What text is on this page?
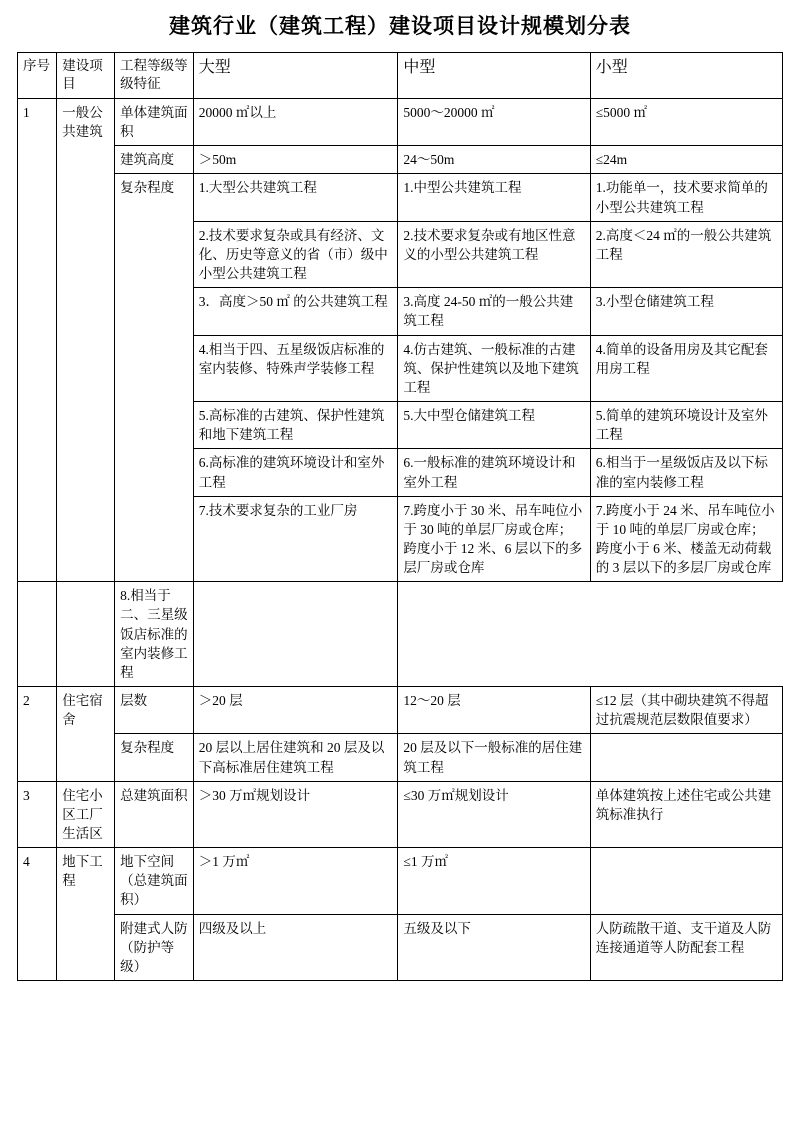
建筑行业（建筑工程）建设项目设计规模划分表
序号	建设项目	工程等级等级特征	大型	中型	小型
1	一般公共建筑	单体建筑面积	20000 ㎡以上	5000～20000 ㎡	≤5000 ㎡
		建筑高度	＞50m	24～50m	≤24m
		复杂程度	1.大型公共建筑工程	1.中型公共建筑工程	1.功能单一，技术要求简单的小型公共建筑工程
			2.技术要求复杂或具有经济、文化、历史等意义的省（市）级中小型公共建筑工程	2.技术要求复杂或有地区性意义的小型公共建筑工程	2.高度＜24 ㎡的一般公共建筑工程
			3．高度＞50 ㎡ 的公共建筑工程	3.高度 24-50 ㎡的一般公共建筑工程	3.小型仓储建筑工程
			4.相当于四、五星级饭店标准的室内装修、特殊声学装修工程	4.仿古建筑、一般标准的古建筑、保护性建筑以及地下建筑工程	4.简单的设备用房及其它配套用房工程
			5.高标准的古建筑、保护性建筑和地下建筑工程	5.大中型仓储建筑工程	5.简单的建筑环境设计及室外工程
			6.高标准的建筑环境设计和室外工程	6.一般标准的建筑环境设计和室外工程	6.相当于一星级饭店及以下标准的室内装修工程
			7.技术要求复杂的工业厂房	7.跨度小于 30 米、吊车吨位小于 30 吨的单层厂房或仓库；跨度小于 12 米、6 层以下的多层厂房或仓库	7.跨度小于 24 米、吊车吨位小于 10 吨的单层厂房或仓库；跨度小于 6 米、楼盖无动荷载的 3 层以下的多层厂房或仓库
		8.相当于二、三星级饭店标准的室内装修工程			
2	住宅宿舍	层数	＞20 层	12～20 层	≤12 层（其中砌块建筑不得超过抗震规范层数限值要求）
		复杂程度	20 层以上居住建筑和 20 层及以下高标准居住建筑工程	20 层及以下一般标准的居住建筑工程	
3	住宅小区工厂生活区	总建筑面积	＞30 万㎡规划设计	≤30 万㎡规划设计	单体建筑按上述住宅或公共建筑标准执行
4	地下工程	地下空间（总建筑面积）	＞1 万㎡	≤1 万㎡	
		附建式人防（防护等级）	四级及以上	五级及以下	人防疏散干道、支干道及人防连接通道等人防配套工程
